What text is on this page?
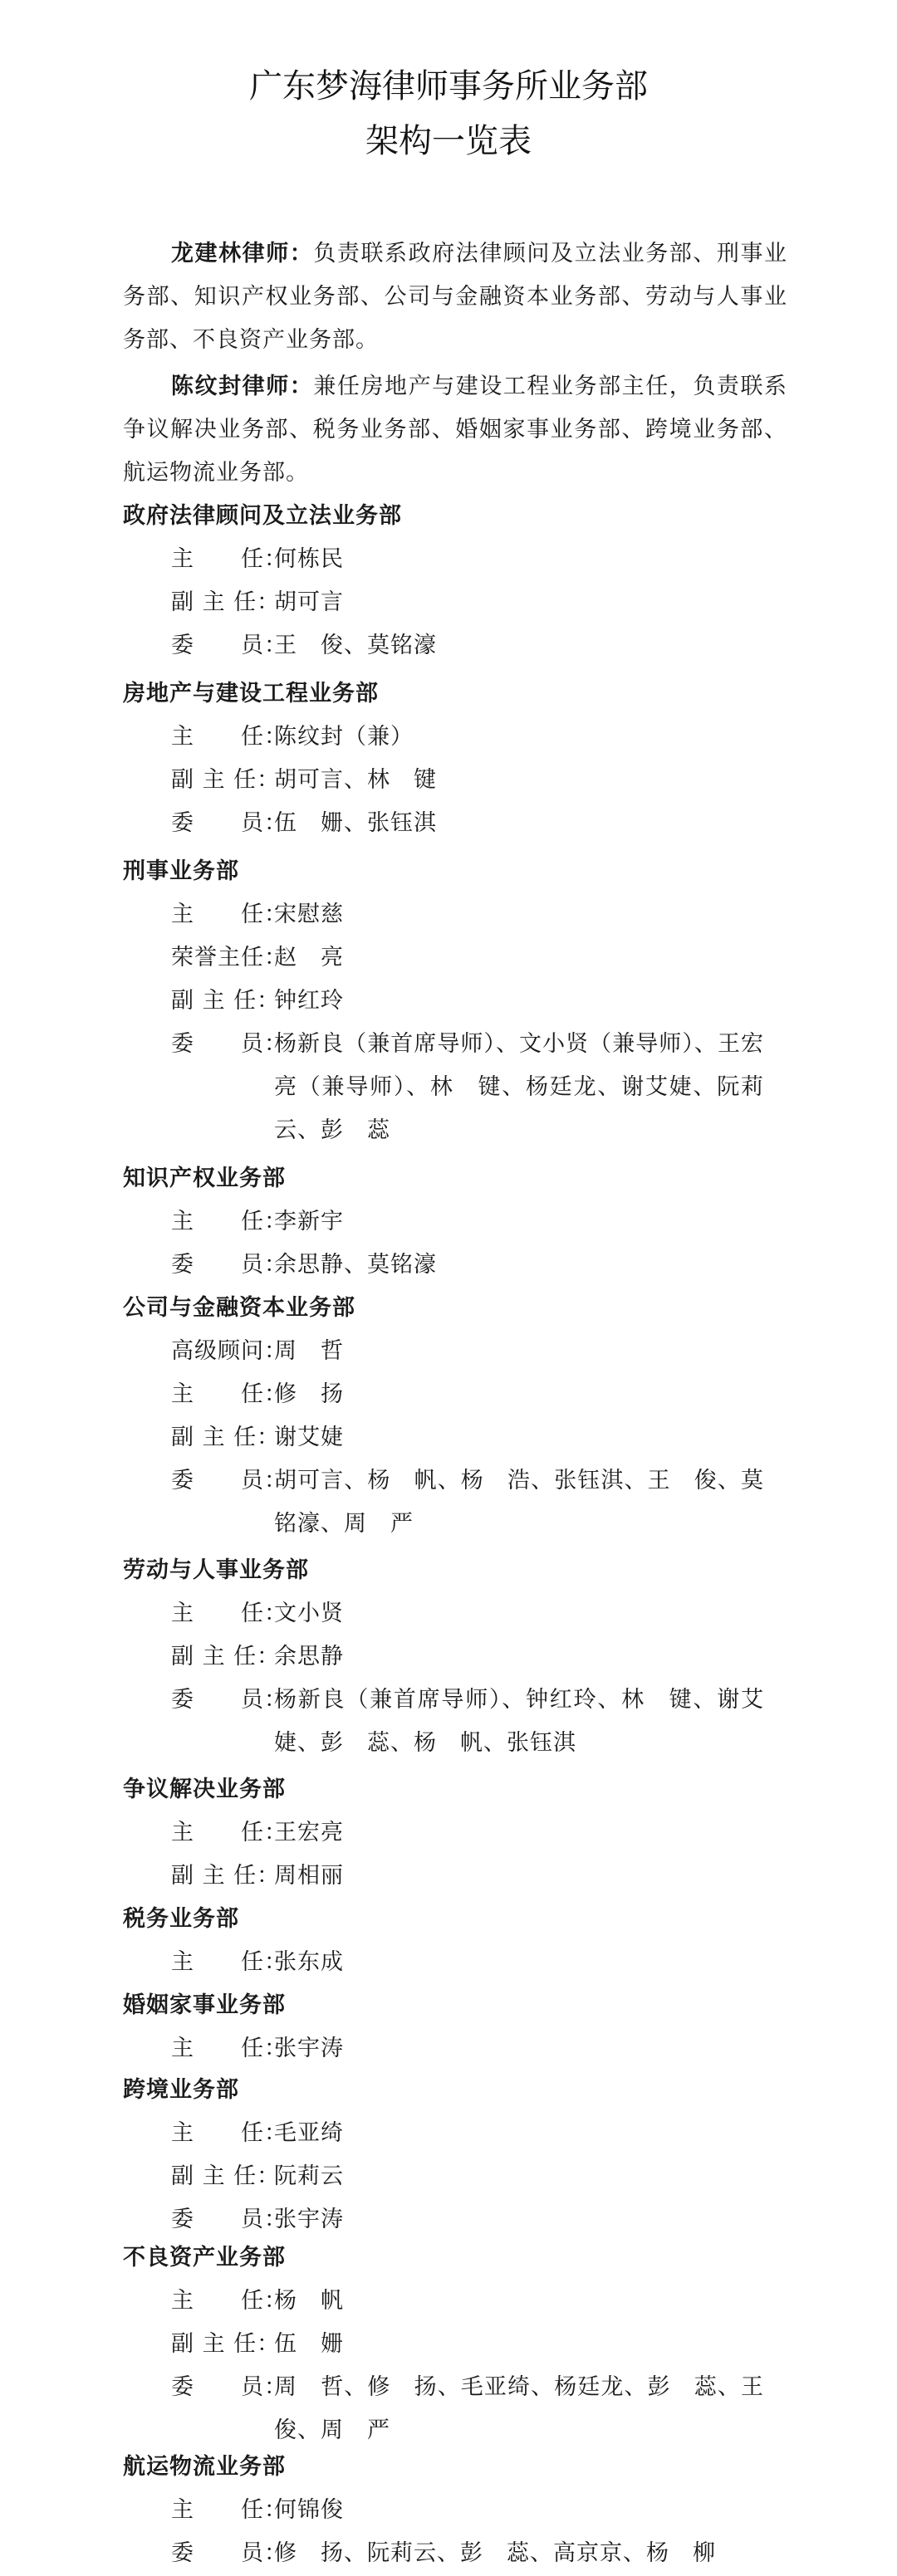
广东梦海律师事务所业务部
架构一览表
龙建林律师：负责联系政府法律顾问及立法业务部、刑事业务部、知识产权业务部、公司与金融资本业务部、劳动与人事业务部、不良资产业务部。
陈纹封律师：兼任房地产与建设工程业务部主任，负责联系争议解决业务部、税务业务部、婚姻家事业务部、跨境业务部、航运物流业务部。
政府法律顾问及立法业务部
主　　任：
何栋民
副 主 任：
胡可言
委　　员：
王　俊、莫铭濠
房地产与建设工程业务部
主　　任：
陈纹封（兼）
副 主 任：
胡可言、林　键
委　　员：
伍　姗、张钰淇
刑事业务部
主　　任：
宋慰慈
荣誉主任：
赵　亮
副 主 任：
钟红玲
委　　员：
杨新良（兼首席导师）、文小贤（兼导师）、王宏亮（兼导师）、林　键、杨廷龙、谢艾婕、阮莉云、彭　蕊
知识产权业务部
主　　任：
李新宇
委　　员：
余思静、莫铭濠
公司与金融资本业务部
高级顾问：
周　哲
主　　任：
修　扬
副 主 任：
谢艾婕
委　　员：
胡可言、杨　帆、杨　浩、张钰淇、王　俊、莫铭濠、周　严
劳动与人事业务部
主　　任：
文小贤
副 主 任：
余思静
委　　员：
杨新良（兼首席导师）、钟红玲、林　键、谢艾婕、彭　蕊、杨　帆、张钰淇
争议解决业务部
主　　任：
王宏亮
副 主 任：
周相丽
税务业务部
主　　任：
张东成
婚姻家事业务部
主　　任：
张宇涛
跨境业务部
主　　任：
毛亚绮
副 主 任：
阮莉云
委　　员：
张宇涛
不良资产业务部
主　　任：
杨　帆
副 主 任：
伍　姗
委　　员：
周　哲、修　扬、毛亚绮、杨廷龙、彭　蕊、王　俊、周　严
航运物流业务部
主　　任：
何锦俊
委　　员：
修　扬、阮莉云、彭　蕊、高京京、杨　柳
